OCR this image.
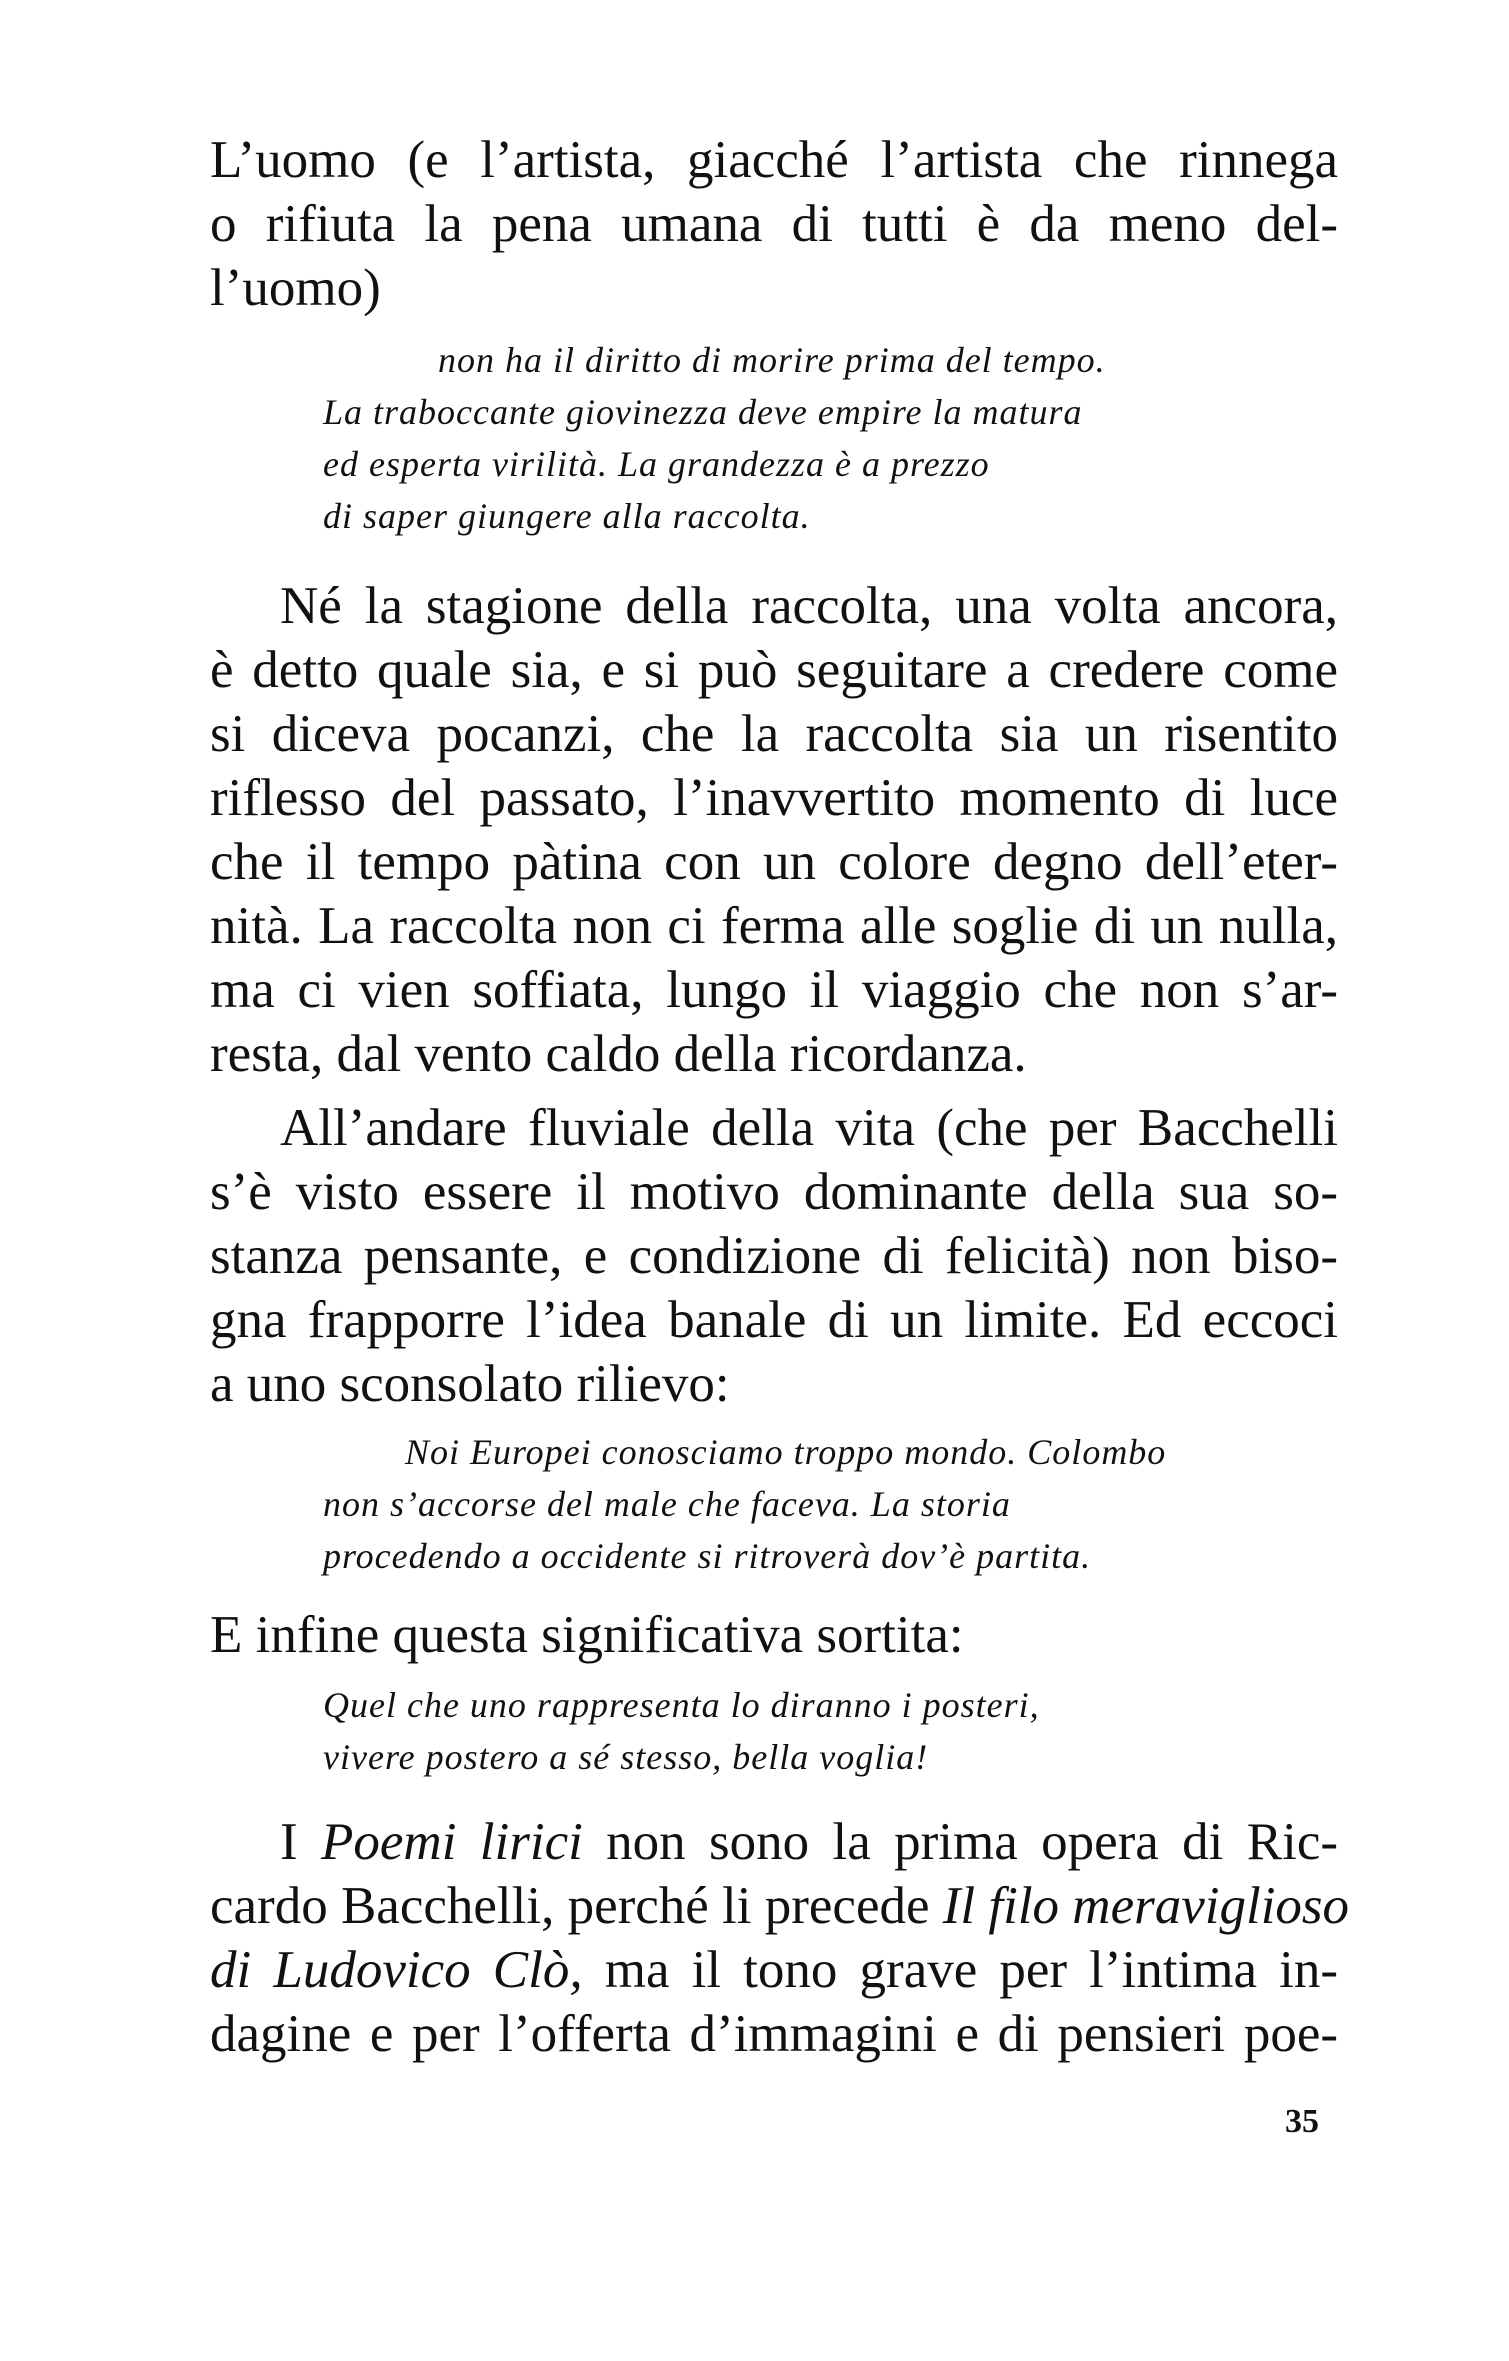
L’uomo (e l’artista, giacché l’artista che rinnega
o rifiuta la pena umana di tutti è da meno del-
l’uomo)
non ha il diritto di morire prima del tempo.
La traboccante giovinezza deve empire la matura
ed esperta virilità. La grandezza è a prezzo
di saper giungere alla raccolta.
Né la stagione della raccolta, una volta ancora,
è detto quale sia, e si può seguitare a credere come
si diceva pocanzi, che la raccolta sia un risentito
riflesso del passato, l’inavvertito momento di luce
che il tempo pàtina con un colore degno dell’eter-
nità. La raccolta non ci ferma alle soglie di un nulla,
ma ci vien soffiata, lungo il viaggio che non s’ar-
resta, dal vento caldo della ricordanza.
All’andare fluviale della vita (che per Bacchelli
s’è visto essere il motivo dominante della sua so-
stanza pensante, e condizione di felicità) non biso-
gna frapporre l’idea banale di un limite. Ed eccoci
a uno sconsolato rilievo:
Noi Europei conosciamo troppo mondo. Colombo
non s’accorse del male che faceva. La storia
procedendo a occidente si ritroverà dov’è partita.
E infine questa significativa sortita:
Quel che uno rappresenta lo diranno i posteri,
vivere postero a sé stesso, bella voglia!
I Poemi lirici non sono la prima opera di Ric-
cardo Bacchelli, perché li precede Il filo meraviglioso
di Ludovico Clò, ma il tono grave per l’intima in-
dagine e per l’offerta d’immagini e di pensieri poe-
35
